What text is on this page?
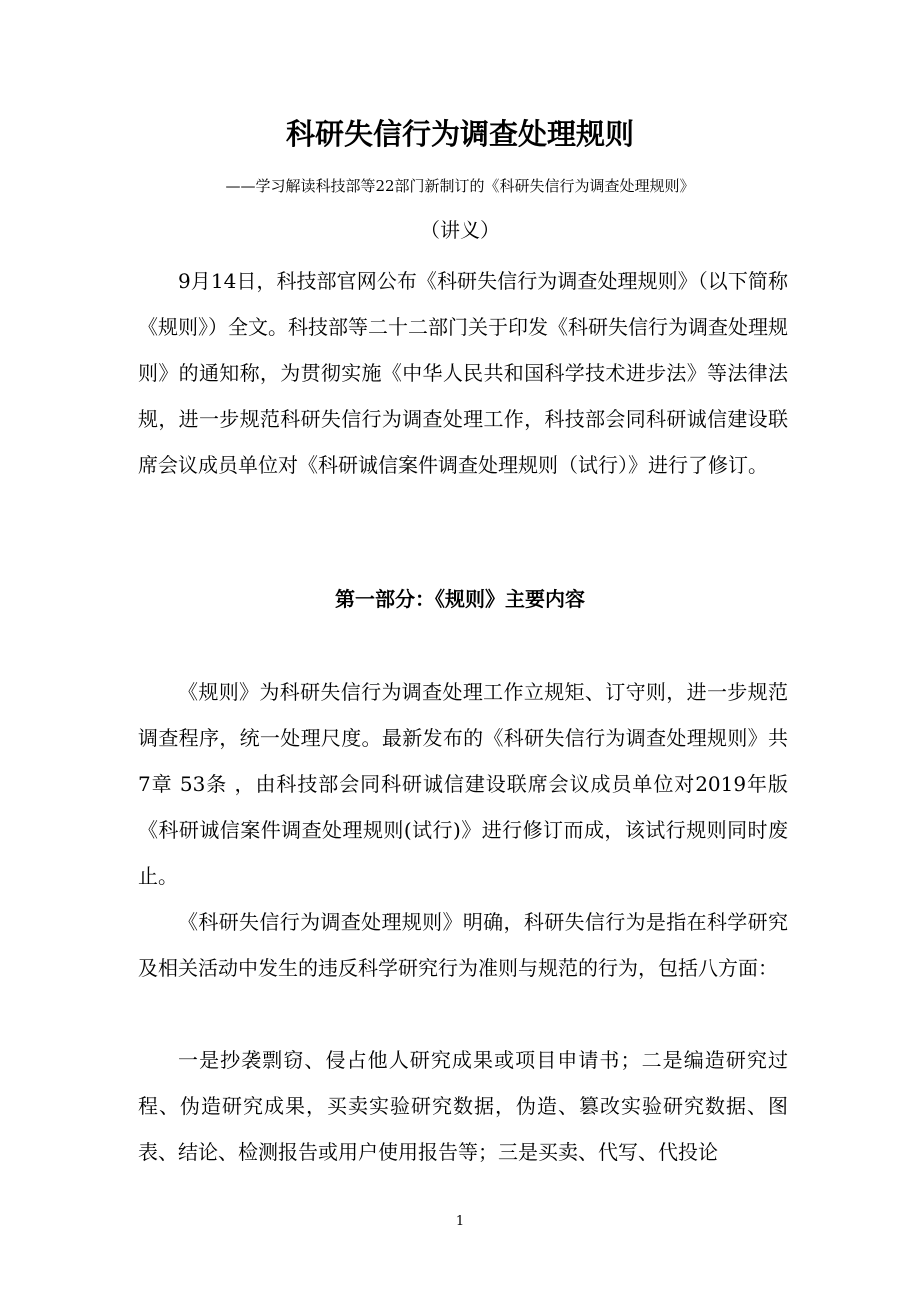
科研失信行为调查处理规则
——学习解读科技部等22部门新制订的《科研失信行为调查处理规则》
（讲义）

9月14日，科技部官网公布《科研失信行为调查处理规则》（以下简称《规则》）全文。科技部等二十二部门关于印发《科研失信行为调查处理规则》的通知称，为贯彻实施《中华人民共和国科学技术进步法》等法律法规，进一步规范科研失信行为调查处理工作，科技部会同科研诚信建设联席会议成员单位对《科研诚信案件调查处理规则（试行）》进行了修订。

第一部分：《规则》主要内容

《规则》为科研失信行为调查处理工作立规矩、订守则，进一步规范调查程序，统一处理尺度。最新发布的《科研失信行为调查处理规则》共7章 53条 ，由科技部会同科研诚信建设联席会议成员单位对2019年版《科研诚信案件调查处理规则(试行)》进行修订而成，该试行规则同时废止。

《科研失信行为调查处理规则》明确，科研失信行为是指在科学研究及相关活动中发生的违反科学研究行为准则与规范的行为，包括八方面：

一是抄袭剽窃、侵占他人研究成果或项目申请书；二是编造研究过程、伪造研究成果，买卖实验研究数据，伪造、篡改实验研究数据、图表、结论、检测报告或用户使用报告等；三是买卖、代写、代投论

1
